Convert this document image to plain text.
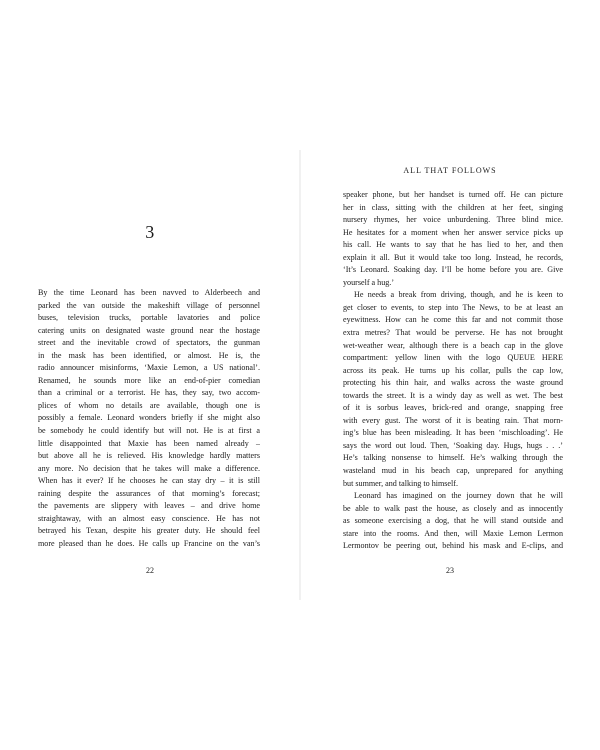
3
By the time Leonard has been navved to Alderbeech and
parked the van outside the makeshift village of personnel
buses, television trucks, portable lavatories and police
catering units on designated waste ground near the hostage
street and the inevitable crowd of spectators, the gunman
in the mask has been identified, or almost. He is, the
radio announcer misinforms, ‘Maxie Lemon, a US national’.
Renamed, he sounds more like an end-of-pier comedian
than a criminal or a terrorist. He has, they say, two accom-
plices of whom no details are available, though one is
possibly a female. Leonard wonders briefly if she might also
be somebody he could identify but will not. He is at first a
little disappointed that Maxie has been named already –
but above all he is relieved. His knowledge hardly matters
any more. No decision that he takes will make a difference.
When has it ever? If he chooses he can stay dry – it is still
raining despite the assurances of that morning’s forecast;
the pavements are slippery with leaves – and drive home
straightaway, with an almost easy conscience. He has not
betrayed his Texan, despite his greater duty. He should feel
more pleased than he does. He calls up Francine on the van’s
22
ALL THAT FOLLOWS
speaker phone, but her handset is turned off. He can picture
her in class, sitting with the children at her feet, singing
nursery rhymes, her voice unburdening. Three blind mice.
He hesitates for a moment when her answer service picks up
his call. He wants to say that he has lied to her, and then
explain it all. But it would take too long. Instead, he records,
‘It’s Leonard. Soaking day. I’ll be home before you are. Give
yourself a hug.’
He needs a break from driving, though, and he is keen to
get closer to events, to step into The News, to be at least an
eyewitness. How can he come this far and not commit those
extra metres? That would be perverse. He has not brought
wet-weather wear, although there is a beach cap in the glove
compartment: yellow linen with the logo QUEUE HERE
across its peak. He turns up his collar, pulls the cap low,
protecting his thin hair, and walks across the waste ground
towards the street. It is a windy day as well as wet. The best
of it is sorbus leaves, brick-red and orange, snapping free
with every gust. The worst of it is beating rain. That morn-
ing’s blue has been misleading. It has been ‘mischloading’. He
says the word out loud. Then, ‘Soaking day. Hugs, hugs . . .’
He’s talking nonsense to himself. He’s walking through the
wasteland mud in his beach cap, unprepared for anything
but summer, and talking to himself.
Leonard has imagined on the journey down that he will
be able to walk past the house, as closely and as innocently
as someone exercising a dog, that he will stand outside and
stare into the rooms. And then, will Maxie Lemon Lermon
Lermontov be peering out, behind his mask and E-clips, and
23
